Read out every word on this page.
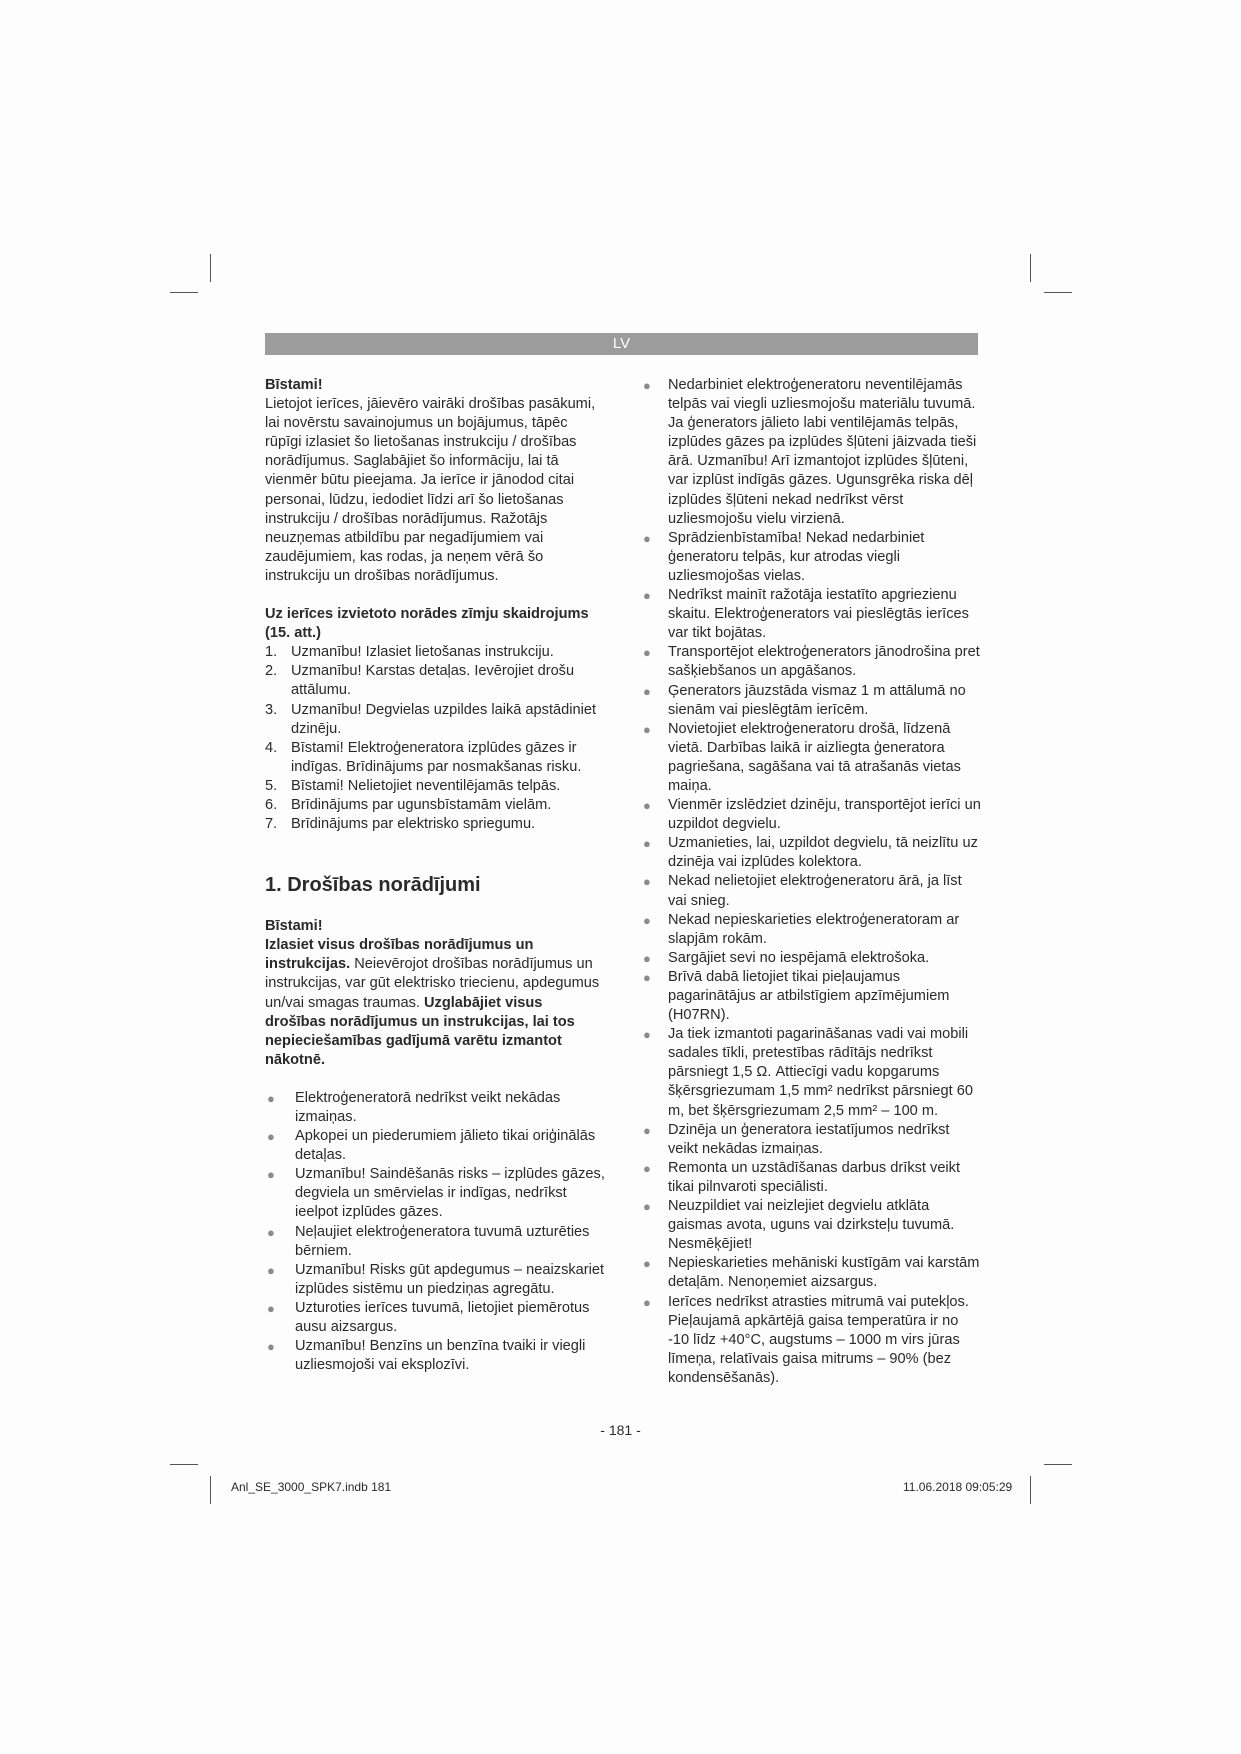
LV

Bīstami!

Lietojot ierīces, jāievēro vairāki drošības pasākumi, lai novērstu savainojumus un bojājumus, tāpēc rūpīgi izlasiet šo lietošanas instrukciju / drošības norādījumus. Saglabājiet šo informāciju, lai tā vienmēr būtu pieejama. Ja ierīce ir jānodod citai personai, lūdzu, iedodiet līdzi arī šo lietošanas instrukciju / drošības norādījumus. Ražotājs neuzņemas atbildību par negadījumiem vai zaudējumiem, kas rodas, ja neņem vērā šo instrukciju un drošības norādījumus.

Uz ierīces izvietoto norādes zīmju skaidrojums (15. att.)

1. Uzmanību! Izlasiet lietošanas instrukciju.
2. Uzmanību! Karstas detaļas. Ievērojiet drošu attālumu.
3. Uzmanību! Degvielas uzpildes laikā apstādiniet dzinēju.
4. Bīstami! Elektroģeneratora izplūdes gāzes ir indīgas. Brīdinājums par nosmakšanas risku.
5. Bīstami! Nelietojiet neventilējamās telpās.
6. Brīdinājums par ugunsbīstamām vielām.
7. Brīdinājums par elektrisko spriegumu.
1. Drošības norādījumi

Bīstami!

Izlasiet visus drošības norādījumus un instrukcijas. Neievērojot drošības norādījumus un instrukcijas, var gūt elektrisko triecienu, apdegumus un/vai smagas traumas. Uzglabājiet visus drošības norādījumus un instrukcijas, lai tos nepieciešamības gadījumā varētu izmantot nākotnē.

● Elektroģeneratorā nedrīkst veikt nekādas izmaiņas.
● Apkopei un piederumiem jālieto tikai oriģinālās detaļas.
● Uzmanību! Saindēšanās risks – izplūdes gāzes, degviela un smērvielas ir indīgas, nedrīkst ieelpot izplūdes gāzes.
● Neļaujiet elektroģeneratora tuvumā uzturēties bērniem.
● Uzmanību! Risks gūt apdegumus – neaizskariet izplūdes sistēmu un piedziņas agregātu.
● Uzturoties ierīces tuvumā, lietojiet piemērotus ausu aizsargus.
● Uzmanību! Benzīns un benzīna tvaiki ir viegli uzliesmojoši vai eksplozīvi.
● Nedarbiniet elektroģeneratoru neventilējamās telpās vai viegli uzliesmojošu materiālu tuvumā. Ja ģenerators jālieto labi ventilējamās telpās, izplūdes gāzes pa izplūdes šļūteni jāizvada tieši ārā. Uzmanību! Arī izmantojot izplūdes šļūteni, var izplūst indīgās gāzes. Ugunsgrēka riska dēļ izplūdes šļūteni nekad nedrīkst vērst uzliesmojošu vielu virzienā.
● Sprādzienbīstamība! Nekad nedarbiniet ģeneratoru telpās, kur atrodas viegli uzliesmojošas vielas.
● Nedrīkst mainīt ražotāja iestatīto apgriezienu skaitu. Elektroģenerators vai pieslēgtās ierīces var tikt bojātas.
● Transportējot elektroģenerators jānodrošina pret sašķiebšanos un apgāšanos.
● Ģenerators jāuzstāda vismaz 1 m attālumā no sienām vai pieslēgtām ierīcēm.
● Novietojiet elektroģeneratoru drošā, līdzenā vietā. Darbības laikā ir aizliegta ģeneratora pagriešana, sagāšana vai tā atrašanās vietas maiņa.
● Vienmēr izslēdziet dzinēju, transportējot ierīci un uzpildot degvielu.
● Uzmanieties, lai, uzpildot degvielu, tā neizlītu uz dzinēja vai izplūdes kolektora.
● Nekad nelietojiet elektroģeneratoru ārā, ja līst vai snieg.
● Nekad nepieskarieties elektroģeneratoram ar slapjām rokām.
● Sargājiet sevi no iespējamā elektrošoka.
● Brīvā dabā lietojiet tikai pieļaujamus pagarinātājus ar atbilstīgiem apzīmējumiem (H07RN).
● Ja tiek izmantoti pagarināšanas vadi vai mobili sadales tīkli, pretestības rādītājs nedrīkst pārsniegt 1,5 Ω. Attiecīgi vadu kopgarums šķērsgriezumam 1,5 mm² nedrīkst pārsniegt 60 m, bet šķērsgriezumam 2,5 mm² – 100 m.
● Dzinēja un ģeneratora iestatījumos nedrīkst veikt nekādas izmaiņas.
● Remonta un uzstādīšanas darbus drīkst veikt tikai pilnvaroti speciālisti.
● Neuzpildiet vai neizlejiet degvielu atklāta gaismas avota, uguns vai dzirksteļu tuvumā. Nesmēķējiet!
● Nepieskarieties mehāniski kustīgām vai karstām detaļām. Nenoņemiet aizsargus.
● Ierīces nedrīkst atrasties mitrumā vai putekļos. Pieļaujamā apkārtējā gaisa temperatūra ir no -10 līdz +40°C, augstums – 1000 m virs jūras līmeņa, relatīvais gaisa mitrums – 90% (bez kondensēšanās).
- 181 -
Anl_SE_3000_SPK7.indb 181	11.06.2018 09:05:29
